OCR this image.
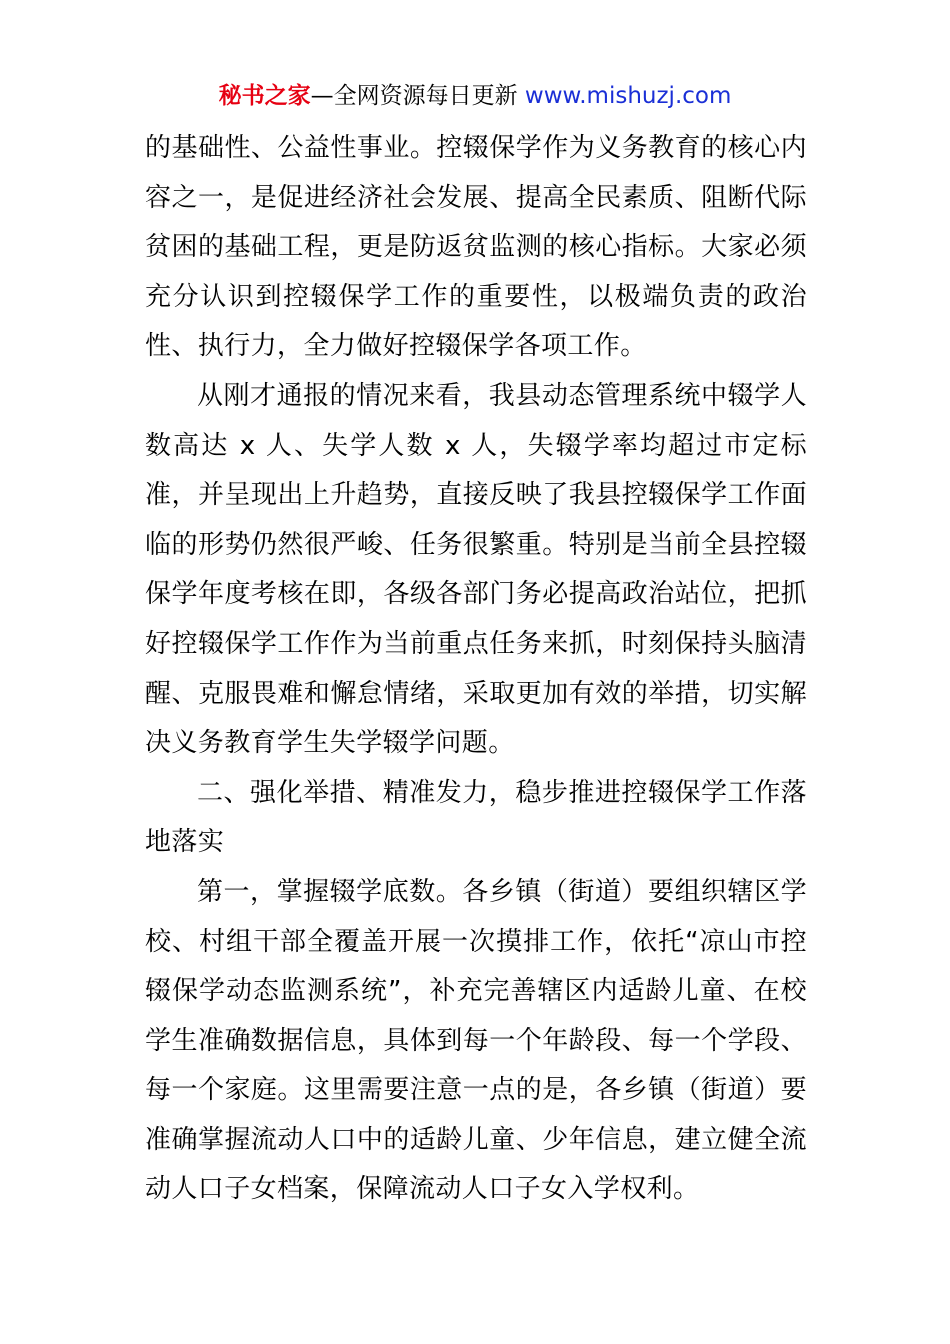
秘书之家—全网资源每日更新 www.mishuzj.com

的基础性、公益性事业。控辍保学作为义务教育的核心内容之一，是促进经济社会发展、提高全民素质、阻断代际贫困的基础工程，更是防返贫监测的核心指标。大家必须充分认识到控辍保学工作的重要性，以极端负责的政治性、执行力，全力做好控辍保学各项工作。

从刚才通报的情况来看，我县动态管理系统中辍学人数高达 x 人、失学人数 x 人，失辍学率均超过市定标准，并呈现出上升趋势，直接反映了我县控辍保学工作面临的形势仍然很严峻、任务很繁重。特别是当前全县控辍保学年度考核在即，各级各部门务必提高政治站位，把抓好控辍保学工作作为当前重点任务来抓，时刻保持头脑清醒、克服畏难和懈怠情绪，采取更加有效的举措，切实解决义务教育学生失学辍学问题。

二、强化举措、精准发力，稳步推进控辍保学工作落地落实

第一，掌握辍学底数。各乡镇（街道）要组织辖区学校、村组干部全覆盖开展一次摸排工作，依托“凉山市控辍保学动态监测系统”，补充完善辖区内适龄儿童、在校学生准确数据信息，具体到每一个年龄段、每一个学段、每一个家庭。这里需要注意一点的是，各乡镇（街道）要准确掌握流动人口中的适龄儿童、少年信息，建立健全流动人口子女档案，保障流动人口子女入学权利。
